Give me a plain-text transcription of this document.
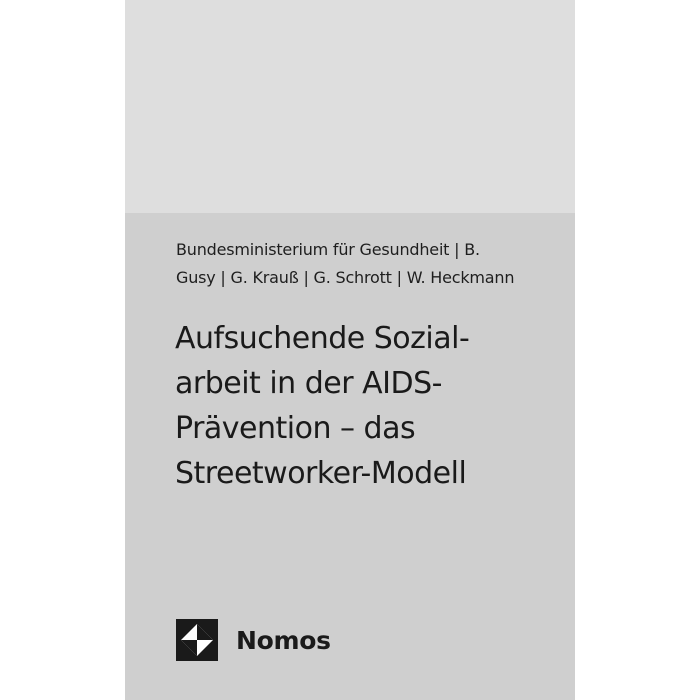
Bundesministerium für Gesundheit | B.
Gusy | G. Krauß | G. Schrott | W. Heckmann
Aufsuchende Sozial-
arbeit in der AIDS-
Prävention – das
Streetworker-Modell
Nomos
